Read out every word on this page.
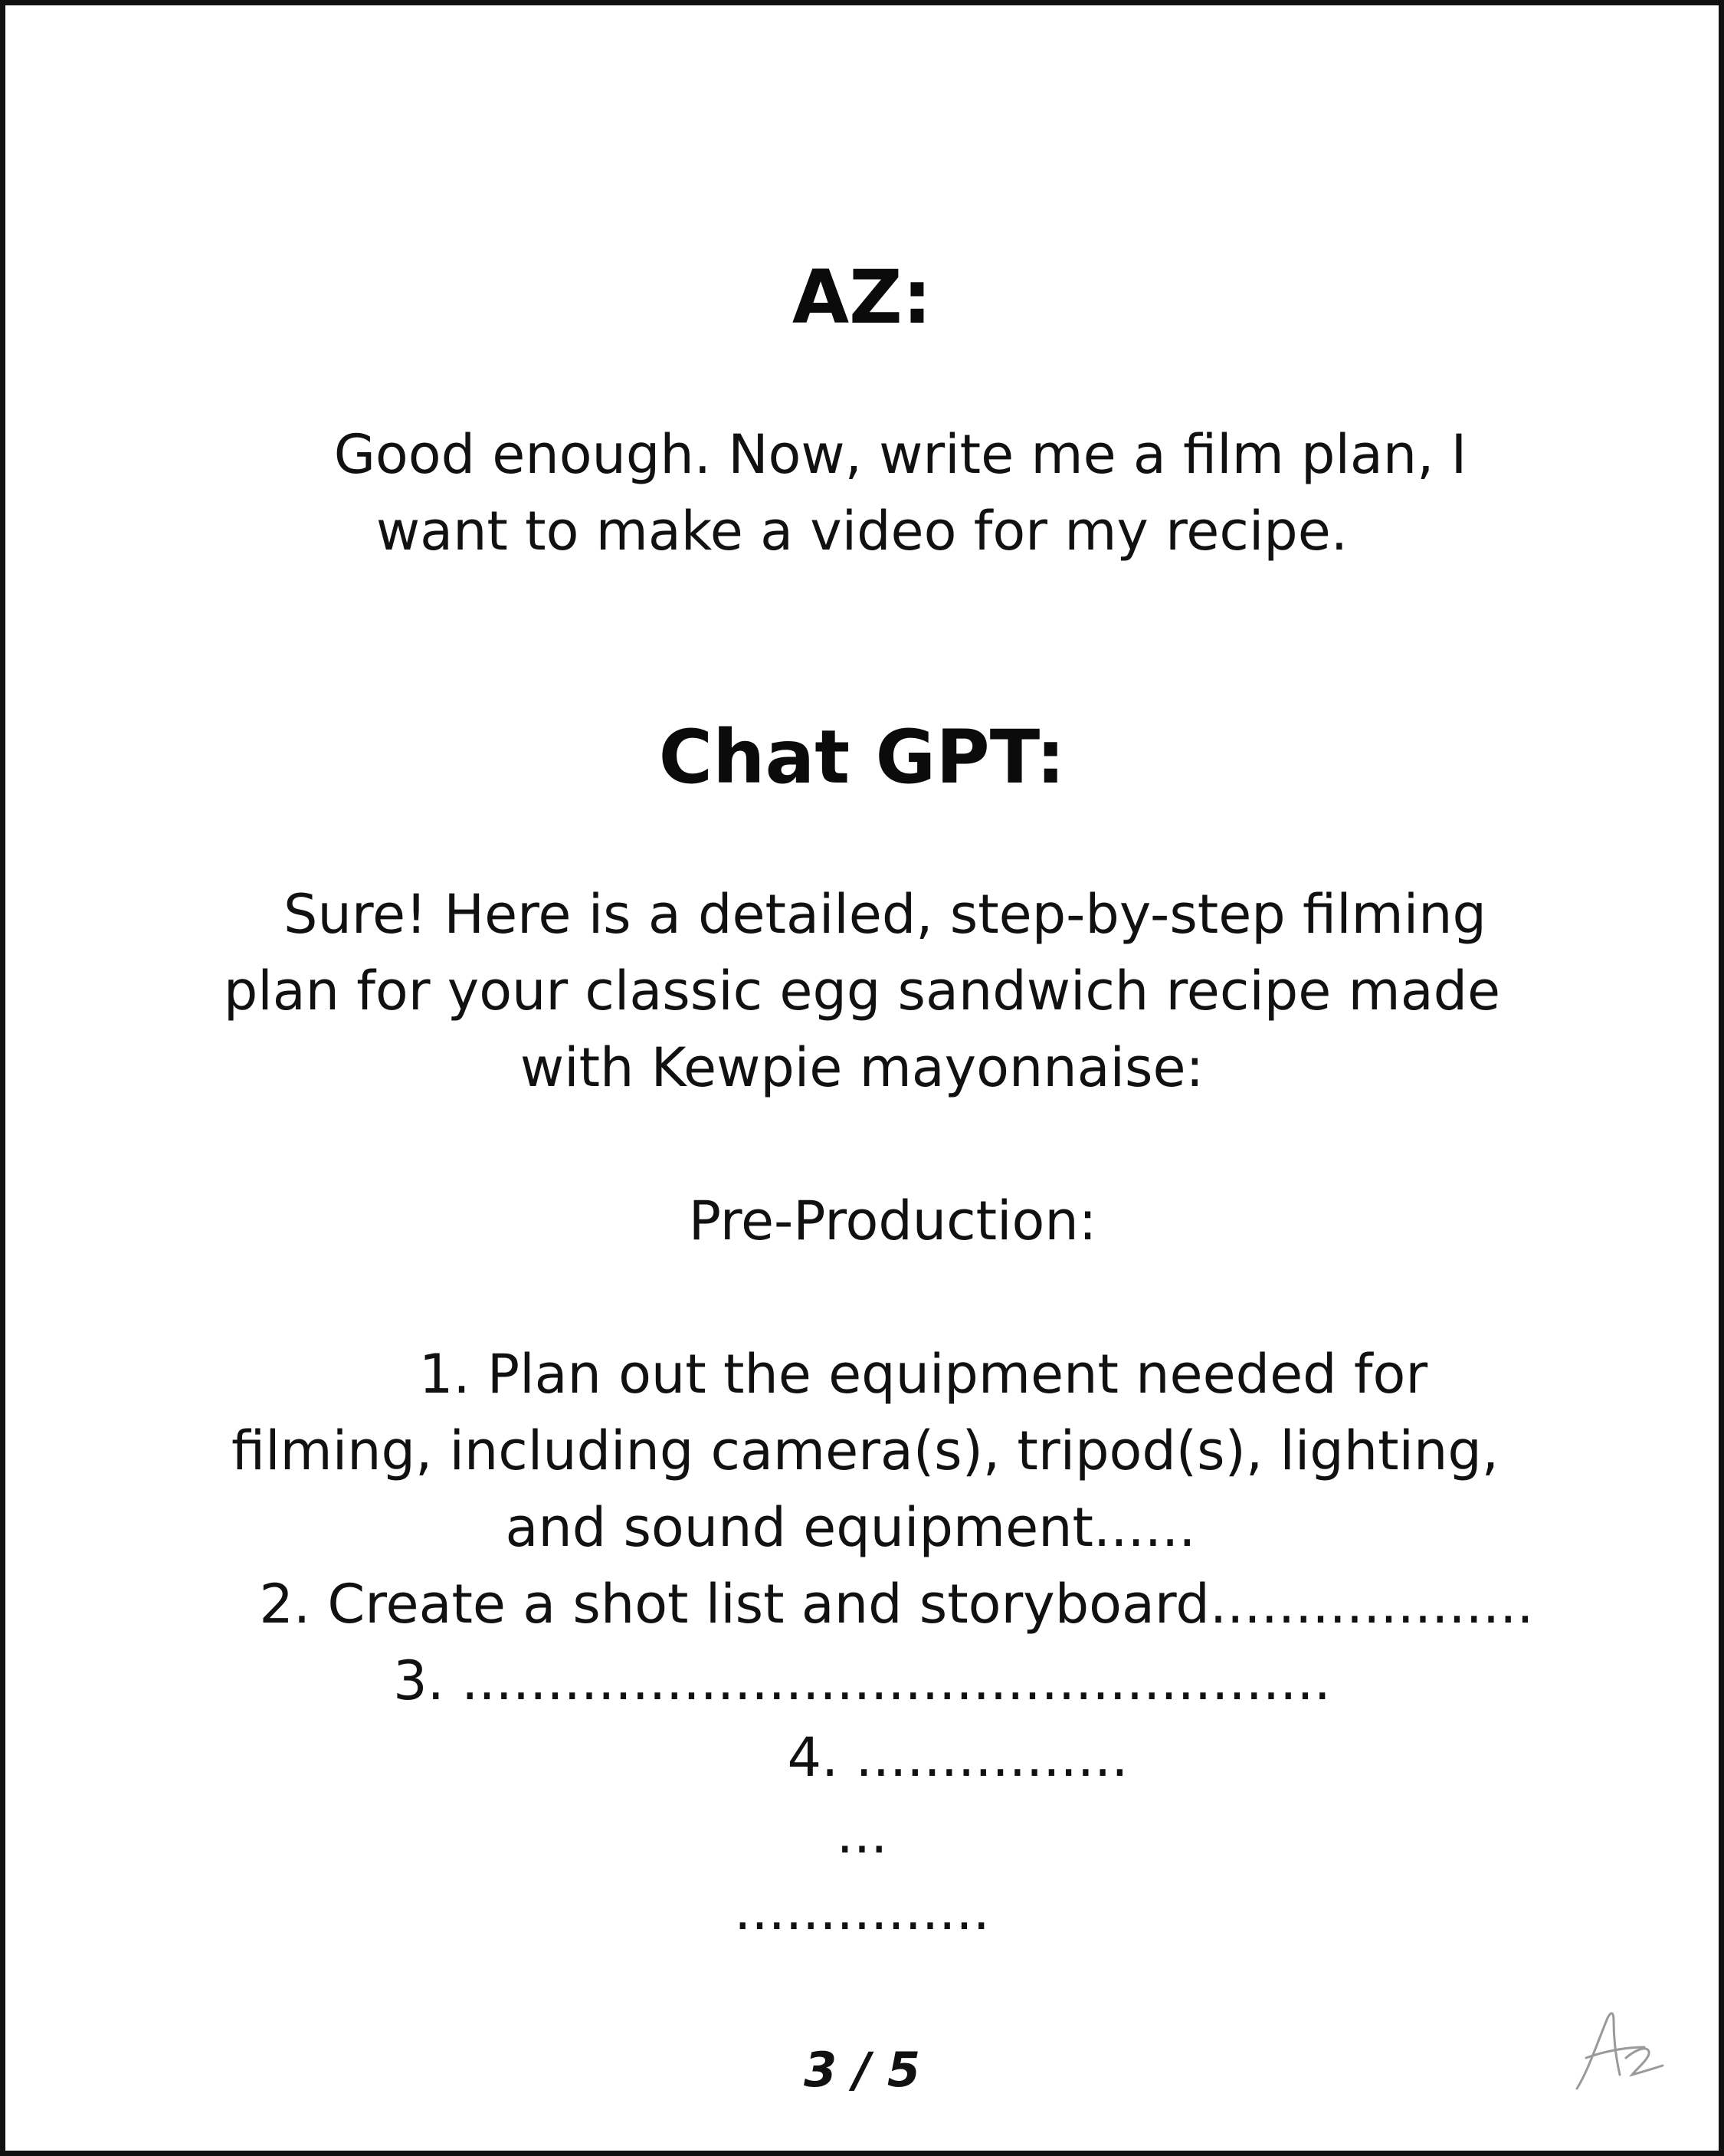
AZ:

Good enough. Now, write me a film plan, I

want to make a video for my recipe.

Chat GPT:

Sure! Here is a detailed, step-by-step filming

plan for your classic egg sandwich recipe made

with Kewpie mayonnaise:

Pre-Production:

1. Plan out the equipment needed for

filming, including camera(s), tripod(s), lighting,

and sound equipment......

2. Create a shot list and storyboard...................

3. ...................................................

4. ................

...

...............

3 / 5
